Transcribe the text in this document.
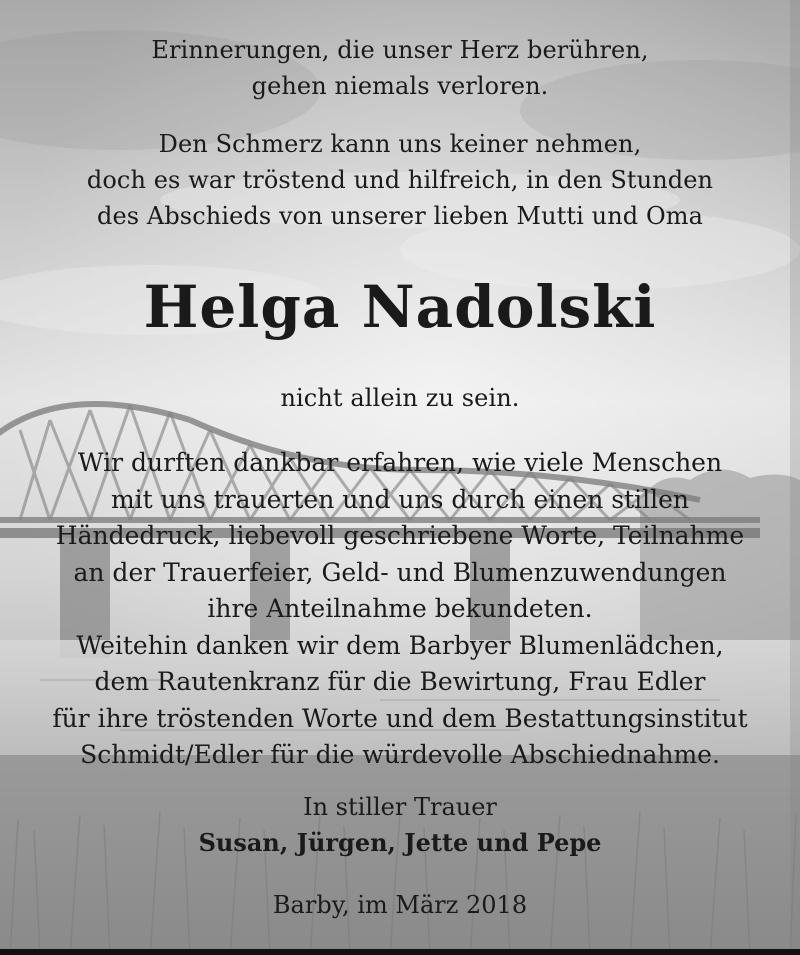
Erinnerungen, die unser Herz berühren,
gehen niemals verloren.
Den Schmerz kann uns keiner nehmen,
doch es war tröstend und hilfreich, in den Stunden
des Abschieds von unserer lieben Mutti und Oma
Helga Nadolski
nicht allein zu sein.
Wir durften dankbar erfahren, wie viele Menschen
mit uns trauerten und uns durch einen stillen
Händedruck, liebevoll geschriebene Worte, Teilnahme
an der Trauerfeier, Geld- und Blumenzuwendungen
ihre Anteilnahme bekundeten.
Weitehin danken wir dem Barbyer Blumenlädchen,
dem Rautenkranz für die Bewirtung, Frau Edler
für ihre tröstenden Worte und dem Bestattungsinstitut
Schmidt/Edler für die würdevolle Abschiednahme.
In stiller Trauer
Susan, Jürgen, Jette und Pepe
Barby, im März 2018
